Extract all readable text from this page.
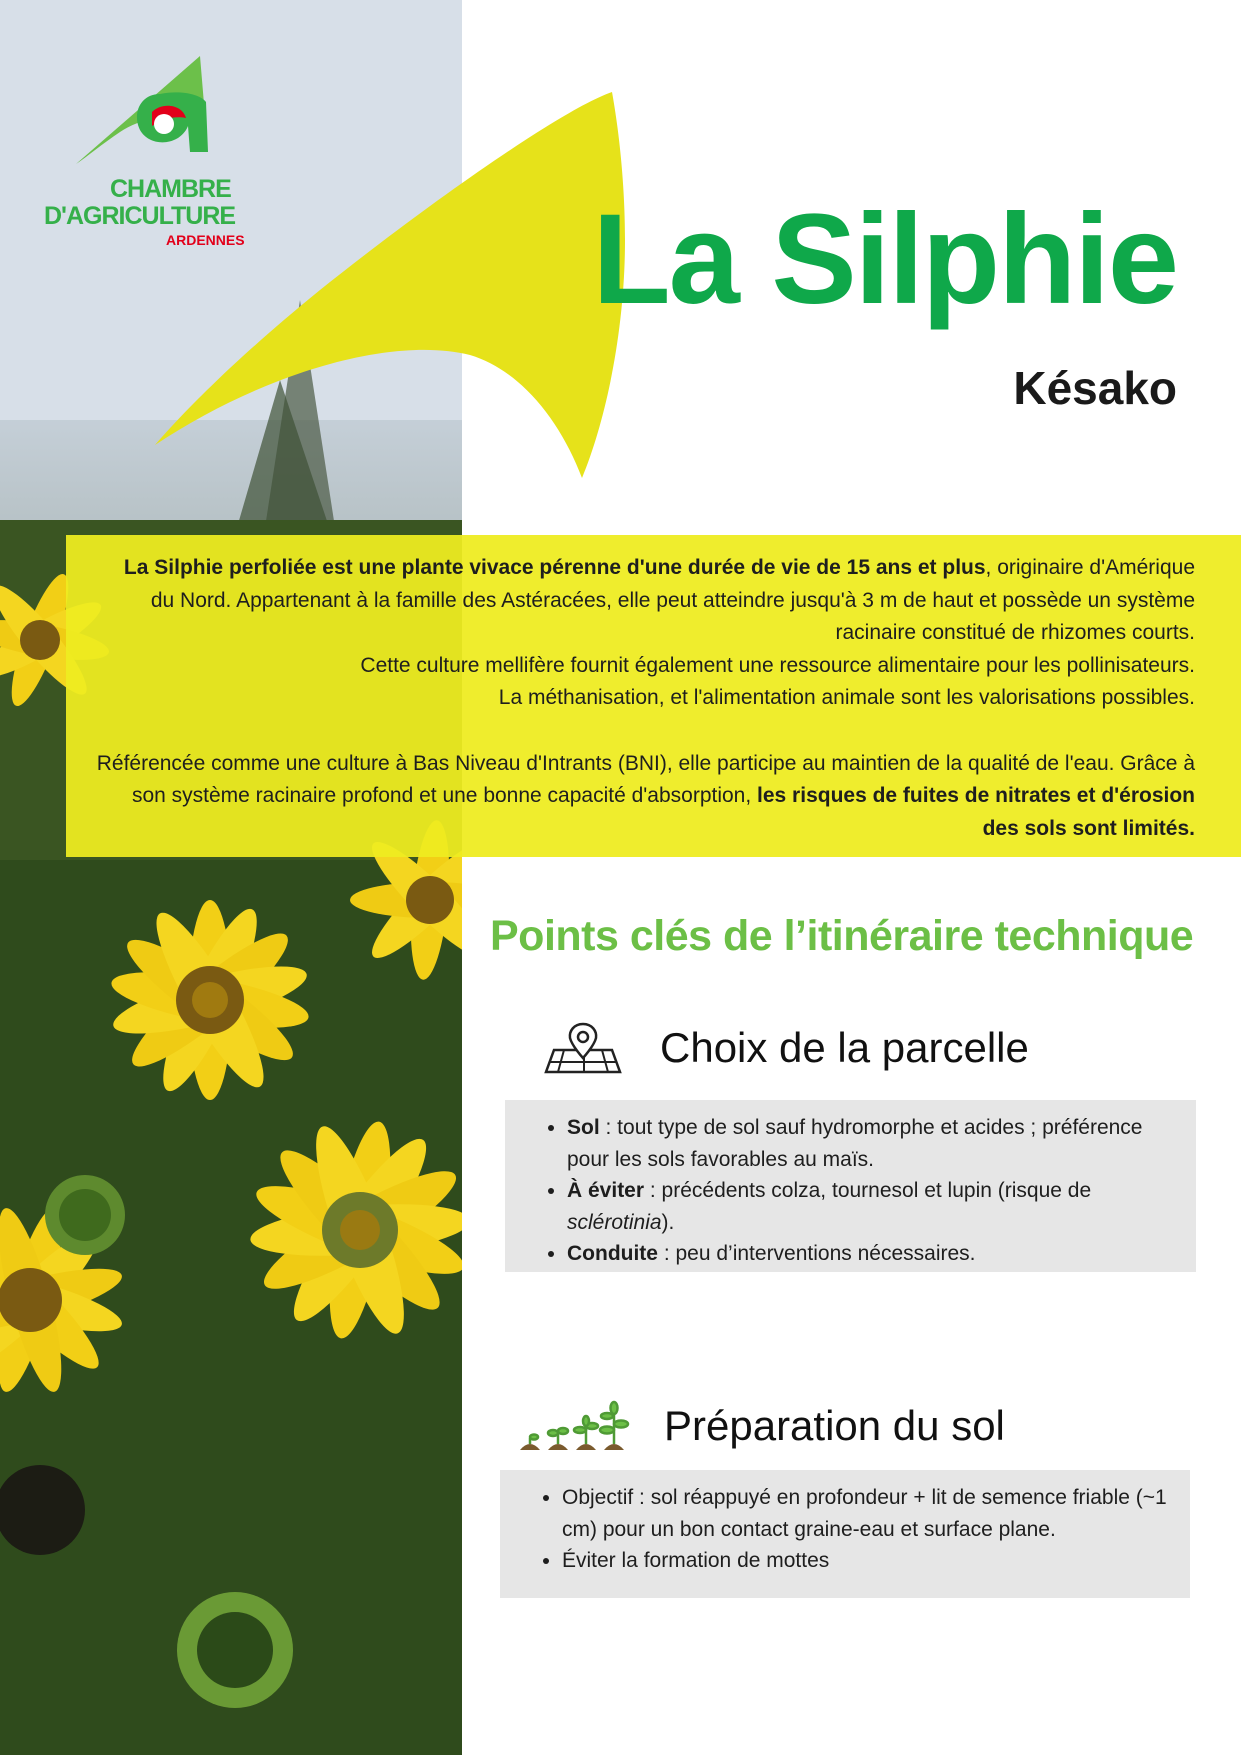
CHAMBRE
D'AGRICULTURE
ARDENNES	La Silphie
Késako

La Silphie perfoliée est une plante vivace pérenne d'une durée de vie de 15 ans et plus, originaire d'Amérique du Nord. Appartenant à la famille des Astéracées, elle peut atteindre jusqu'à 3 m de haut et possède un système racinaire constitué de rhizomes courts.

Cette culture mellifère fournit également une ressource alimentaire pour les pollinisateurs.

La méthanisation, et l'alimentation animale sont les valorisations possibles.

Référencée comme une culture à Bas Niveau d'Intrants (BNI), elle participe au maintien de la qualité de l'eau. Grâce à son système racinaire profond et une bonne capacité d'absorption, les risques de fuites de nitrates et d'érosion des sols sont limités.

Points clés de l’itinéraire technique
Choix de la parcelle
• Sol : tout type de sol sauf hydromorphe et acides ; préférence pour les sols favorables au maïs.
• À éviter : précédents colza, tournesol et lupin (risque de sclérotinia).
• Conduite : peu d’interventions nécessaires.
Préparation du sol
• Objectif : sol réappuyé en profondeur + lit de semence friable (~1 cm) pour un bon contact graine-eau et surface plane.
• Éviter la formation de mottes
